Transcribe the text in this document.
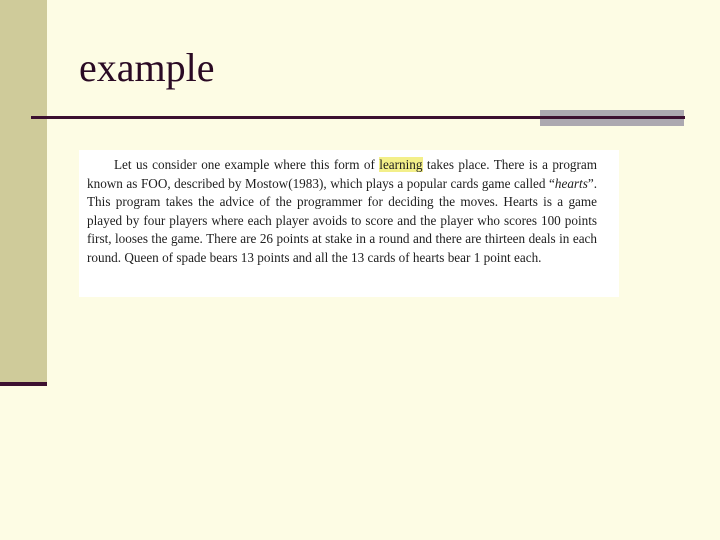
example

Let us consider one example where this form of learning takes place. There is a program known as FOO, described by Mostow(1983), which plays a popular cards game called “hearts”. This program takes the advice of the programmer for deciding the moves. Hearts is a game played by four players where each player avoids to score and the player who scores 100 points first, looses the game. There are 26 points at stake in a round and there are thirteen deals in each round. Queen of spade bears 13 points and all the 13 cards of hearts bear 1 point each.
